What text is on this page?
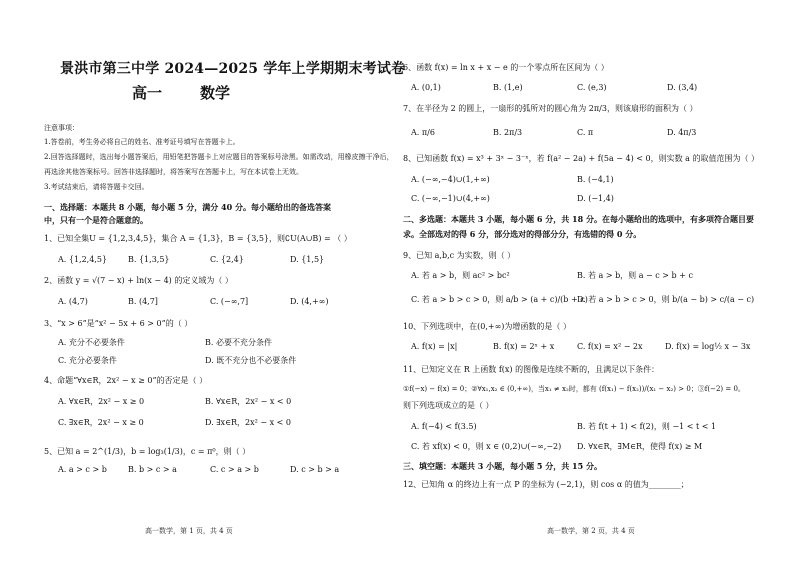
景洪市第三中学 2024—2025 学年上学期期末考试卷
高一	数学
注意事项：
1.答卷前，考生务必将自己的姓名、准考证号填写在答题卡上。
2.回答选择题时，选出每小题答案后，用铅笔把答题卡上对应题目的答案标号涂黑。如需改动，用橡皮擦干净后，
再选涂其他答案标号。回答非选择题时，将答案写在答题卡上，写在本试卷上无效。
3.考试结束后，请将答题卡交回。
一、选择题：本题共 8 小题，每小题 5 分，满分 40 分。每小题给出的备选答案
中，只有一个是符合题意的。
1、已知全集U = {1,2,3,4,5}，集合 A = {1,3}，B = {3,5}，则∁U(A∪B) = （ ）
A. {1,2,4,5}	B. {1,3,5}	C. {2,4}	D. {1,5}
2、函数 y = √(7 − x) + ln(x − 4) 的定义域为（ ）
A. (4,7)	B. (4,7]	C. (−∞,7]	D. (4,+∞)
3、“x > 6”是“x² − 5x + 6 > 0”的（ ）
A. 充分不必要条件	B. 必要不充分条件
C. 充分必要条件	D. 既不充分也不必要条件
4、命题“∀x∈R，2x² − x ≥ 0”的否定是（ ）
A. ∀x∈R，2x² − x ≥ 0	B. ∀x∈R，2x² − x < 0
C. ∃x∈R，2x² − x ≥ 0	D. ∃x∈R，2x² − x < 0
5、已知 a = 2^(1/3)，b = log₃(1/3)，c = π⁰，则（ ）
A. a > c > b	B. b > c > a	C. c > a > b	D. c > b > a
高一数学，第 1 页，共 4 页
6、函数 f(x) = ln x + x − e 的一个零点所在区间为（ ）
A. (0,1)	B. (1,e)	C. (e,3)	D. (3,4)
7、在半径为 2 的圆上，一扇形的弧所对的圆心角为 2π/3，则该扇形的面积为（ ）
A. π/6	B. 2π/3	C. π	D. 4π/3
8、已知函数 f(x) = x³ + 3ˣ − 3⁻ˣ，若 f(a² − 2a) + f(5a − 4) < 0，则实数 a 的取值范围为（ ）
A. (−∞,−4)∪(1,+∞)	B. (−4,1)
C. (−∞,−1)∪(4,+∞)	D. (−1,4)
二、多选题：本题共 3 小题，每小题 6 分，共 18 分。在每小题给出的选项中，有多项符合题目要
求。全部选对的得 6 分，部分选对的得部分分，有选错的得 0 分。
9、已知 a,b,c 为实数，则（ ）
A. 若 a > b，则 ac² > bc²	B. 若 a > b，则 a − c > b + c
C. 若 a > b > c > 0，则 a/b > (a + c)/(b + c)
D. 若 a > b > c > 0，则 b/(a − b) > c/(a − c)
10、下列选项中，在(0,+∞)为增函数的是（ ）
A. f(x) = |x|	B. f(x) = 2ˣ + x	C. f(x) = x² − 2x	D. f(x) = log½ x − 3x
11、已知定义在 R 上函数 f(x) 的图像是连续不断的，且满足以下条件：
①f(−x) − f(x) = 0；②∀x₁,x₂ ∈ (0,+∞)，当x₁ ≠ x₂时，都有 (f(x₁) − f(x₂))/(x₁ − x₂) > 0；③f(−2) = 0。
则下列选项成立的是（ ）
A. f(−4) < f(3.5)	B. 若 f(t + 1) < f(2)，则 −1 < t < 1
C. 若 xf(x) < 0，则 x ∈ (0,2)∪(−∞,−2) D. ∀x∈R，∃M∈R，使得 f(x) ≥ M
三、填空题：本题共 3 小题，每小题 5 分，共 15 分。
12、已知角 α 的终边上有一点 P 的坐标为 (−2,1)，则 cos α 的值为________；
高一数学，第 2 页，共 4 页
